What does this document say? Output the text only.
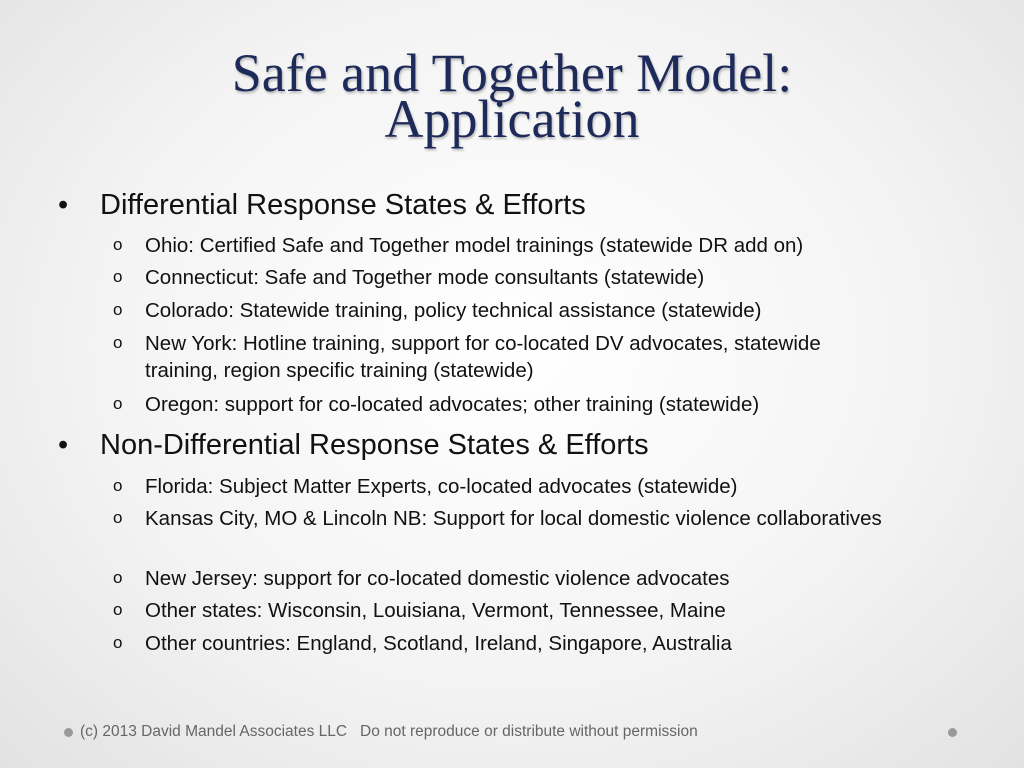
Safe and Together Model:
Application
• Differential Response States & Efforts
o Ohio: Certified Safe and Together model trainings (statewide DR add on)
o Connecticut: Safe and Together mode consultants (statewide)
o Colorado: Statewide training, policy technical assistance (statewide)
o New York: Hotline training, support for co-located DV advocates, statewide training, region specific training (statewide)
o Oregon: support for co-located advocates; other training (statewide)
• Non-Differential Response States & Efforts
o Florida: Subject Matter Experts, co-located advocates (statewide)
o Kansas City, MO & Lincoln NB: Support for local domestic violence collaboratives
o New Jersey: support for co-located domestic violence advocates
o Other states: Wisconsin, Louisiana, Vermont, Tennessee, Maine
o Other countries: England, Scotland, Ireland, Singapore, Australia
(c) 2013 David Mandel Associates LLC   Do not reproduce or distribute without permission
